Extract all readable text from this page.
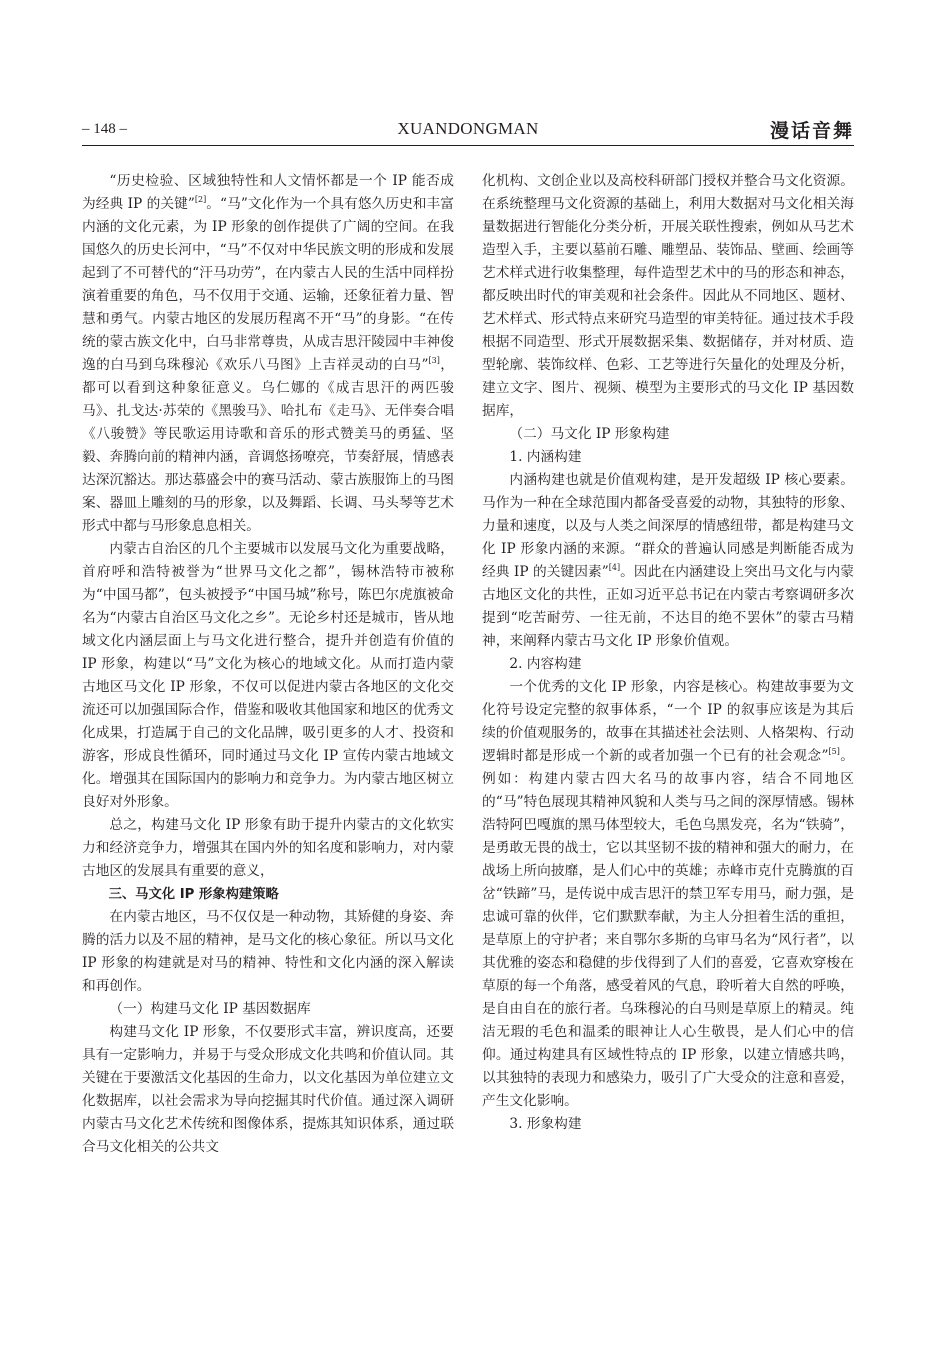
– 148 –	XUANDONGMAN	漫话音舞

“历史检验、区域独特性和人文情怀都是一个 IP 能否成为经典 IP 的关键”[2]。“马”文化作为一个具有悠久历史和丰富内涵的文化元素，为 IP 形象的创作提供了广阔的空间。在我国悠久的历史长河中，“马”不仅对中华民族文明的形成和发展起到了不可替代的“汗马功劳”，在内蒙古人民的生活中同样扮演着重要的角色，马不仅用于交通、运输，还象征着力量、智慧和勇气。内蒙古地区的发展历程离不开“马”的身影。“在传统的蒙古族文化中，白马非常尊贵，从成吉思汗陵园中丰神俊逸的白马到乌珠穆沁《欢乐八马图》上吉祥灵动的白马”[3]，都可以看到这种象征意义。乌仁娜的《成吉思汗的两匹骏马》、扎戈达·苏荣的《黑骏马》、哈扎布《走马》、无伴奏合唱《八骏赞》等民歌运用诗歌和音乐的形式赞美马的勇猛、坚毅、奔腾向前的精神内涵，音调悠扬嘹亮，节奏舒展，情感表达深沉豁达。那达慕盛会中的赛马活动、蒙古族服饰上的马图案、器皿上雕刻的马的形象，以及舞蹈、长调、马头琴等艺术形式中都与马形象息息相关。

内蒙古自治区的几个主要城市以发展马文化为重要战略，首府呼和浩特被誉为“世界马文化之都”，锡林浩特市被称为“中国马都”，包头被授予“中国马城”称号，陈巴尔虎旗被命名为“内蒙古自治区马文化之乡”。无论乡村还是城市，皆从地域文化内涵层面上与马文化进行整合，提升并创造有价值的 IP 形象，构建以“马”文化为核心的地域文化。从而打造内蒙古地区马文化 IP 形象，不仅可以促进内蒙古各地区的文化交流还可以加强国际合作，借鉴和吸收其他国家和地区的优秀文化成果，打造属于自己的文化品牌，吸引更多的人才、投资和游客，形成良性循环，同时通过马文化 IP 宣传内蒙古地域文化。增强其在国际国内的影响力和竞争力。为内蒙古地区树立良好对外形象。

总之，构建马文化 IP 形象有助于提升内蒙古的文化软实力和经济竞争力，增强其在国内外的知名度和影响力，对内蒙古地区的发展具有重要的意义，

三、马文化 IP 形象构建策略

在内蒙古地区，马不仅仅是一种动物，其矫健的身姿、奔腾的活力以及不屈的精神，是马文化的核心象征。所以马文化 IP 形象的构建就是对马的精神、特性和文化内涵的深入解读和再创作。

（一）构建马文化 IP 基因数据库

构建马文化 IP 形象，不仅要形式丰富，辨识度高，还要具有一定影响力，并易于与受众形成文化共鸣和价值认同。其关键在于要激活文化基因的生命力，以文化基因为单位建立文化数据库，以社会需求为导向挖掘其时代价值。通过深入调研内蒙古马文化艺术传统和图像体系，提炼其知识体系，通过联合马文化相关的公共文

化机构、文创企业以及高校科研部门授权并整合马文化资源。在系统整理马文化资源的基础上，利用大数据对马文化相关海量数据进行智能化分类分析，开展关联性搜索，例如从马艺术造型入手，主要以墓前石雕、雕塑品、装饰品、壁画、绘画等艺术样式进行收集整理，每件造型艺术中的马的形态和神态，都反映出时代的审美观和社会条件。因此从不同地区、题材、艺术样式、形式特点来研究马造型的审美特征。通过技术手段根据不同造型、形式开展数据采集、数据储存，并对材质、造型轮廓、装饰纹样、色彩、工艺等进行矢量化的处理及分析，建立文字、图片、视频、模型为主要形式的马文化 IP 基因数据库，

（二）马文化 IP 形象构建

1. 内涵构建

内涵构建也就是价值观构建，是开发超级 IP 核心要素。马作为一种在全球范围内都备受喜爱的动物，其独特的形象、力量和速度，以及与人类之间深厚的情感纽带，都是构建马文化 IP 形象内涵的来源。“群众的普遍认同感是判断能否成为经典 IP 的关键因素”[4]。因此在内涵建设上突出马文化与内蒙古地区文化的共性，正如习近平总书记在内蒙古考察调研多次提到“吃苦耐劳、一往无前，不达目的绝不罢休”的蒙古马精神，来阐释内蒙古马文化 IP 形象价值观。

2. 内容构建

一个优秀的文化 IP 形象，内容是核心。构建故事要为文化符号设定完整的叙事体系，“一个 IP 的叙事应该是为其后续的价值观服务的，故事在其描述社会法则、人格架构、行动逻辑时都是形成一个新的或者加强一个已有的社会观念”[5]。例如：构建内蒙古四大名马的故事内容，结合不同地区的“马”特色展现其精神风貌和人类与马之间的深厚情感。锡林浩特阿巴嘎旗的黑马体型较大，毛色乌黑发亮，名为“铁骑”，是勇敢无畏的战士，它以其坚韧不拔的精神和强大的耐力，在战场上所向披靡，是人们心中的英雄；赤峰市克什克腾旗的百岔“铁蹄”马，是传说中成吉思汗的禁卫军专用马，耐力强，是忠诚可靠的伙伴，它们默默奉献，为主人分担着生活的重担，是草原上的守护者；来自鄂尔多斯的乌审马名为“风行者”，以其优雅的姿态和稳健的步伐得到了人们的喜爱，它喜欢穿梭在草原的每一个角落，感受着风的气息，聆听着大自然的呼唤，是自由自在的旅行者。乌珠穆沁的白马则是草原上的精灵。纯洁无瑕的毛色和温柔的眼神让人心生敬畏，是人们心中的信仰。通过构建具有区域性特点的 IP 形象，以建立情感共鸣，以其独特的表现力和感染力，吸引了广大受众的注意和喜爱，产生文化影响。

3. 形象构建
